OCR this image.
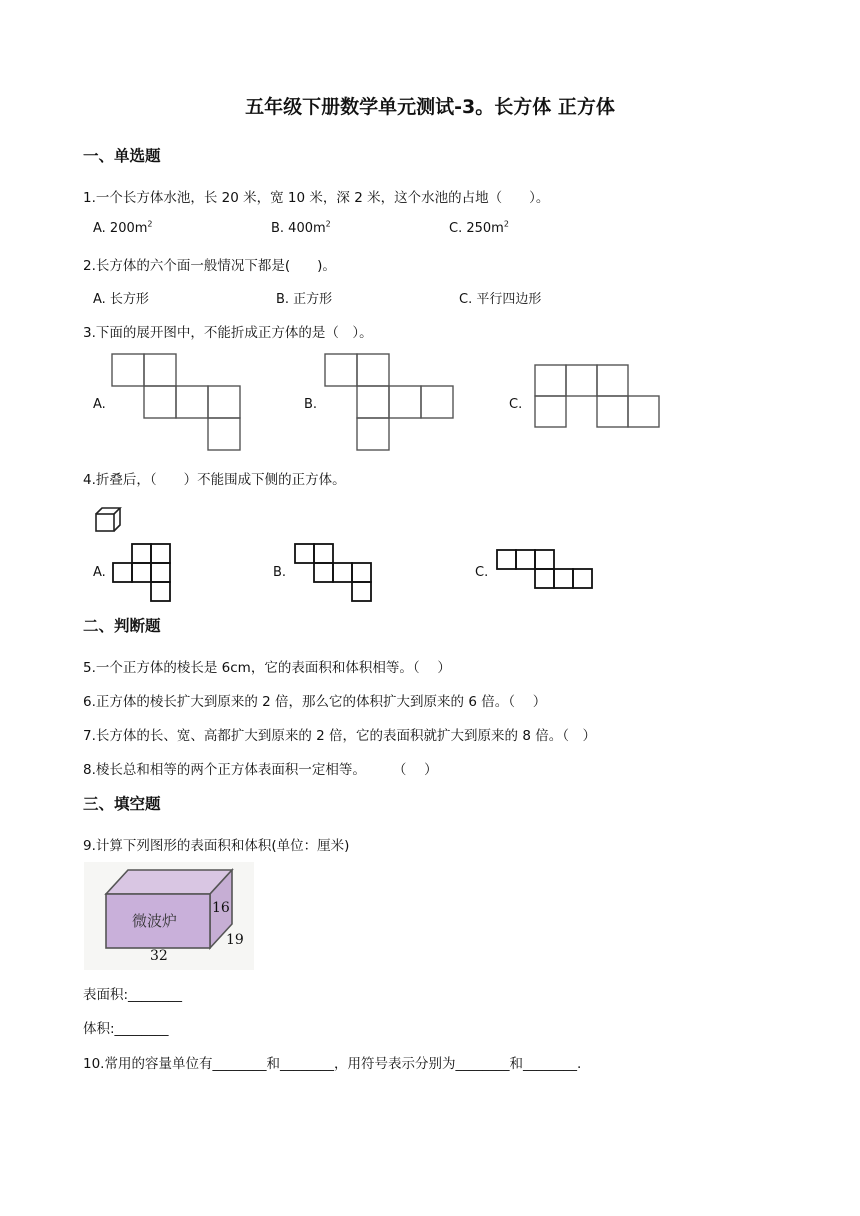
五年级下册数学单元测试-3。长方体 正方体
一、单选题
1.一个长方体水池，长 20 米，宽 10 米，深 2 米，这个水池的占地（　　）。
A. $200m^2$	B. $400m^2$	C. $250m^2$
2.长方体的六个面一般情况下都是(　　)。
A. 长方形	B. 正方形	C. 平行四边形
3.下面的展开图中，不能折成正方体的是（　）。
A.	B.	C.
4.折叠后，（　　）不能围成下侧的正方体。
A.	B.	C.
二、判断题
5.一个正方体的棱长是 6cm，它的表面积和体积相等。（　 ）
6.正方体的棱长扩大到原来的 2 倍，那么它的体积扩大到原来的 6 倍。（　 ）
7.长方体的长、宽、高都扩大到原来的 2 倍，它的表面积就扩大到原来的 8 倍。（　）
8.棱长总和相等的两个正方体表面积一定相等。　　　（　 ）
三、填空题
9.计算下列图形的表面积和体积(单位：厘米)
微波炉
16
19
32
表面积:________
体积:________
10.常用的容量单位有________和________，用符号表示分别为________和________.
